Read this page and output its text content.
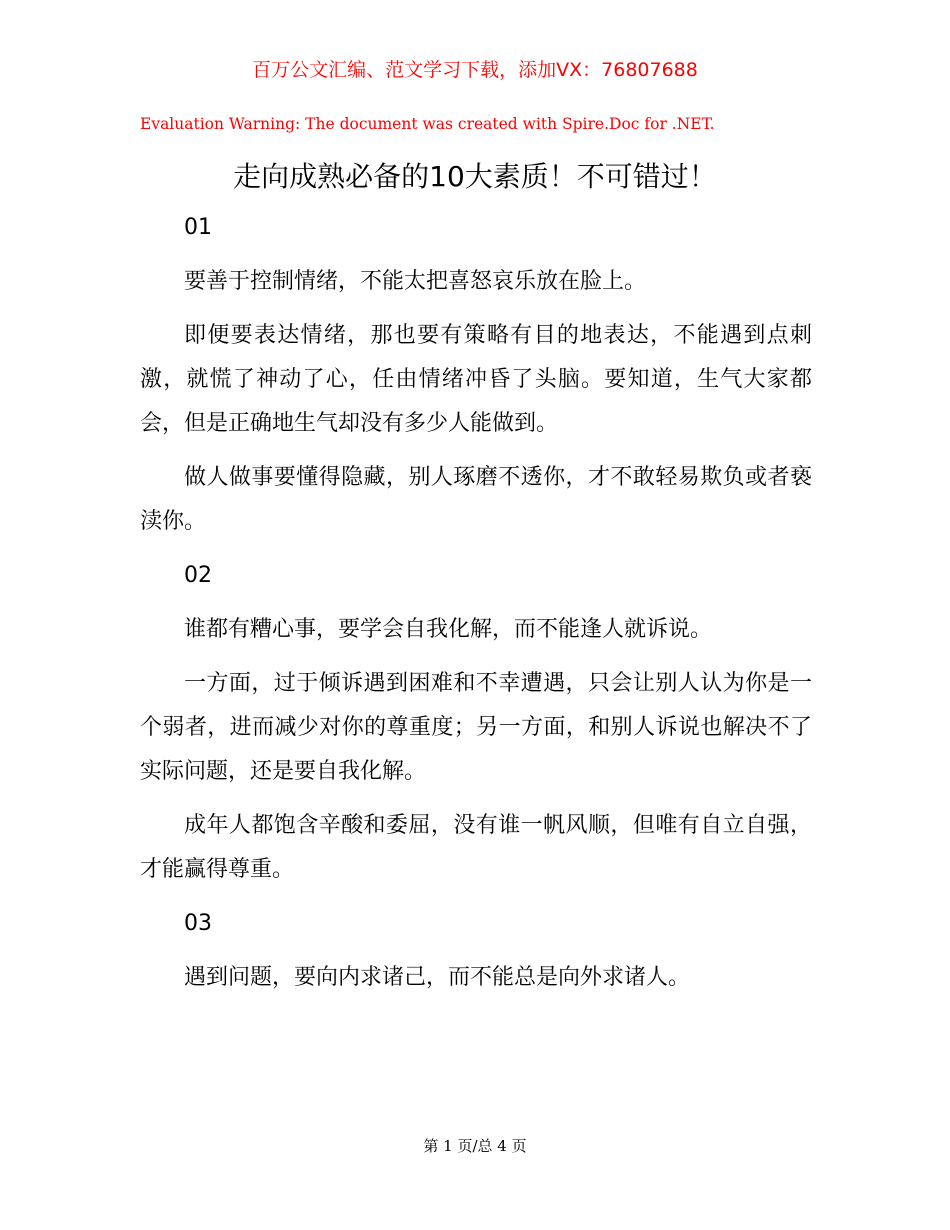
百万公文汇编、范文学习下载，添加VX：76807688
Evaluation Warning: The document was created with Spire.Doc for .NET.
走向成熟必备的10大素质！不可错过！

01

要善于控制情绪，不能太把喜怒哀乐放在脸上。

即便要表达情绪，那也要有策略有目的地表达，不能遇到点刺激，就慌了神动了心，任由情绪冲昏了头脑。要知道，生气大家都会，但是正确地生气却没有多少人能做到。

做人做事要懂得隐藏，别人琢磨不透你，才不敢轻易欺负或者亵渎你。

02

谁都有糟心事，要学会自我化解，而不能逢人就诉说。

一方面，过于倾诉遇到困难和不幸遭遇，只会让别人认为你是一个弱者，进而减少对你的尊重度；另一方面，和别人诉说也解决不了实际问题，还是要自我化解。

成年人都饱含辛酸和委屈，没有谁一帆风顺，但唯有自立自强，才能赢得尊重。

03

遇到问题，要向内求诸己，而不能总是向外求诸人。

第 1 页/总 4 页
